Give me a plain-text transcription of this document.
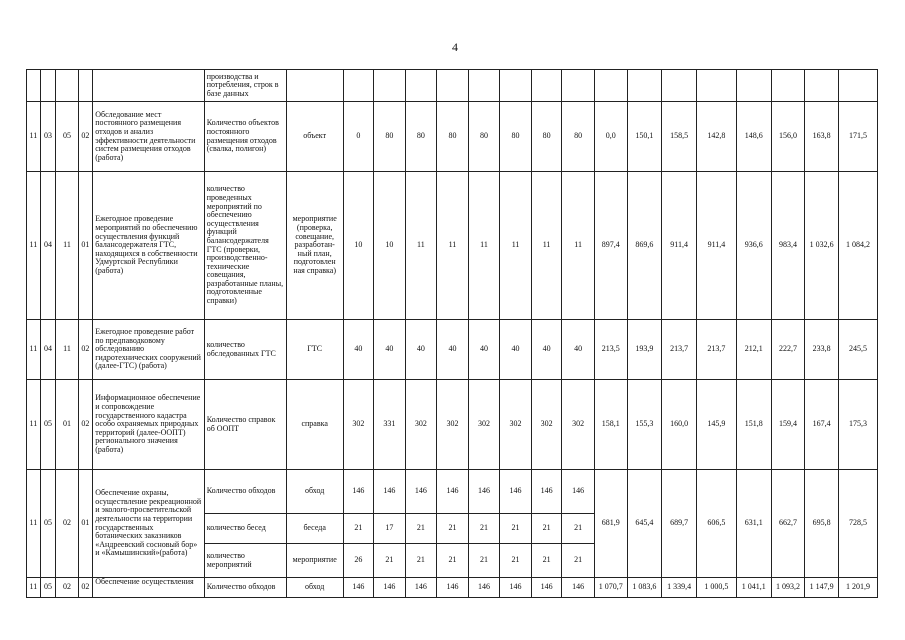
4
					производства и потребления, строк в базе данных																	
11	03	05	02	Обследование мест постоянного размещения отходов и анализ эффективности деятельности систем размещения отходов (работа)	Количество объектов постоянного размещения отходов (свалка, полигон)	объект	0	80	80	80	80	80	80	80	0,0	150,1	158,5	142,8	148,6	156,0	163,8	171,5
11	04	11	01	Ежегодное проведение мероприятий по обеспечению осуществления функций балансодержателя ГТС, находящихся в собственности Удмуртской Республики (работа)	количество проведенных мероприятий по обеспечению осуществления функций балансодержателя ГТС (проверки, производственно-технические совещания, разработанные планы, подготовленные справки)	мероприятие (проверка, совещание, разработан-ный план, подготовлен ная справка)	10	10	11	11	11	11	11	11	897,4	869,6	911,4	911,4	936,6	983,4	1 032,6	1 084,2
11	04	11	02	Ежегодное проведение работ по предпаводковому обследованию гидротехнических сооружений (далее-ГТС) (работа)	количество обследованных ГТС	ГТС	40	40	40	40	40	40	40	40	213,5	193,9	213,7	213,7	212,1	222,7	233,8	245,5
11	05	01	02	Информационное обеспечение и сопровождение государственного кадастра особо охраняемых природных территорий (далее-ООПТ) регионального значения (работа)	Количество справок об ООПТ	справка	302	331	302	302	302	302	302	302	158,1	155,3	160,0	145,9	151,8	159,4	167,4	175,3
11	05	02	01	Обеспечение охраны, осуществление рекреационной и эколого-просветительской деятельности на территории государственных ботанических заказников «Андреевский сосновый бор» и «Камышинский»(работа)	Количество обходов	обход	146	146	146	146	146	146	146	146	681,9	645,4	689,7	606,5	631,1	662,7	695,8	728,5
					количество бесед	беседа	21	17	21	21	21	21	21	21								
					количество мероприятий	мероприятие	26	21	21	21	21	21	21	21								
11	05	02	02	Обеспечение осуществления	Количество обходов	обход	146	146	146	146	146	146	146	146	1 070,7	1 083,6	1 339,4	1 000,5	1 041,1	1 093,2	1 147,9	1 201,9
